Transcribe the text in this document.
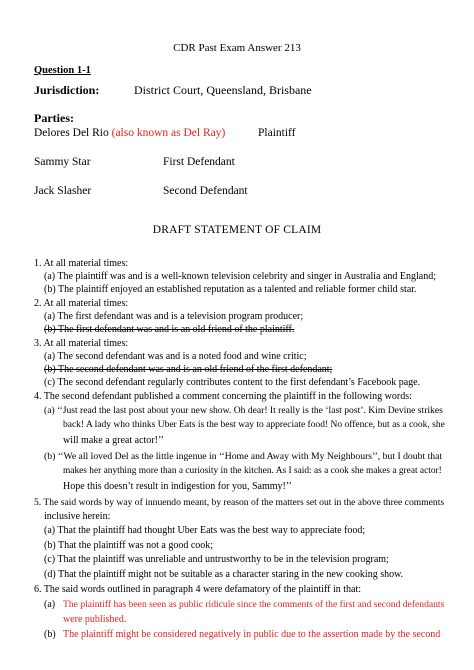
CDR Past Exam Answer 213
Question 1-1
Jurisdiction:	District Court, Queensland, Brisbane
Parties:
Delores Del Rio (also known as Del Ray)	Plaintiff
Sammy Star	First Defendant
Jack Slasher	Second Defendant
DRAFT STATEMENT OF CLAIM
1. At all material times:
(a) The plaintiff was and is a well-known television celebrity and singer in Australia and England;
(b) The plaintiff enjoyed an established reputation as a talented and reliable former child star.
2. At all material times:
(a) The first defendant was and is a television program producer;
(b) The first defendant was and is an old friend of the plaintiff.
3. At all material times:
(a) The second defendant was and is a noted food and wine critic;
(b) The second defendant was and is an old friend of the first defendant;
(c) The second defendant regularly contributes content to the first defendant’s Facebook page.
4. The second defendant published a comment concerning the plaintiff in the following words:
(a) ‘‘Just read the last post about your new show. Oh dear! It really is the ‘last post’. Kim Devine strikes
back! A lady who thinks Uber Eats is the best way to appreciate food! No offence, but as a cook, she
will make a great actor!’’
(b) ‘‘We all loved Del as the little ingenue in ‘‘Home and Away with My Neighbours’’, but I doubt that
makes her anything more than a curiosity in the kitchen. As I said: as a cook she makes a great actor!
Hope this doesn’t result in indigestion for you, Sammy!’’
5. The said words by way of innuendo meant, by reason of the matters set out in the above three comments
inclusive herein:
(a) That the plaintiff had thought Uber Eats was the best way to appreciate food;
(b) That the plaintiff was not a good cook;
(c) That the plaintiff was unreliable and untrustworthy to be in the television program;
(d) That the plaintiff might not be suitable as a character staring in the new cooking show.
6. The said words outlined in paragraph 4 were defamatory of the plaintiff in that:
(a) The plaintiff has been seen as public ridicule since the comments of the first and second defendants
were published.
(b) The plaintiff might be considered negatively in public due to the assertion made by the second
